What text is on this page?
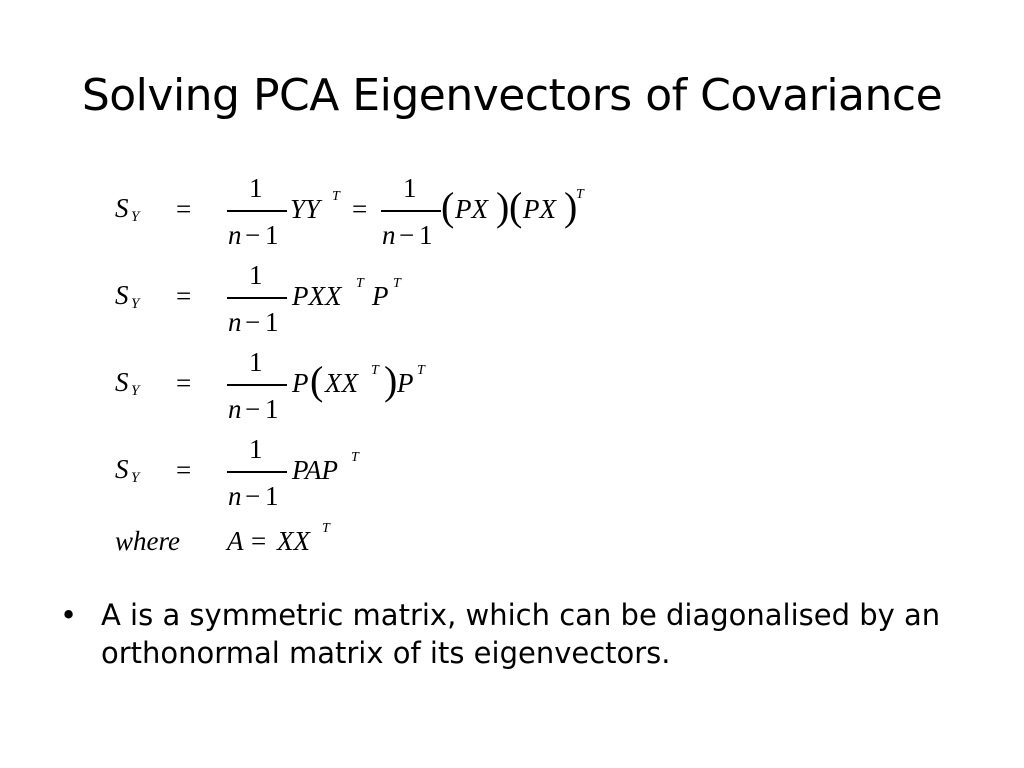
Solving PCA Eigenvectors of Covariance
S Y =
1
n − 1
YY T =
1
n − 1
( PX ) ( PX )
T
S Y =
1
n − 1
PXX T P T
S Y =
1
n − 1
P ( XX T ) P T
S Y =
1
n − 1
PAP T
where A = XX T
• A is a symmetric matrix, which can be diagonalised by an orthonormal matrix of its eigenvectors.
